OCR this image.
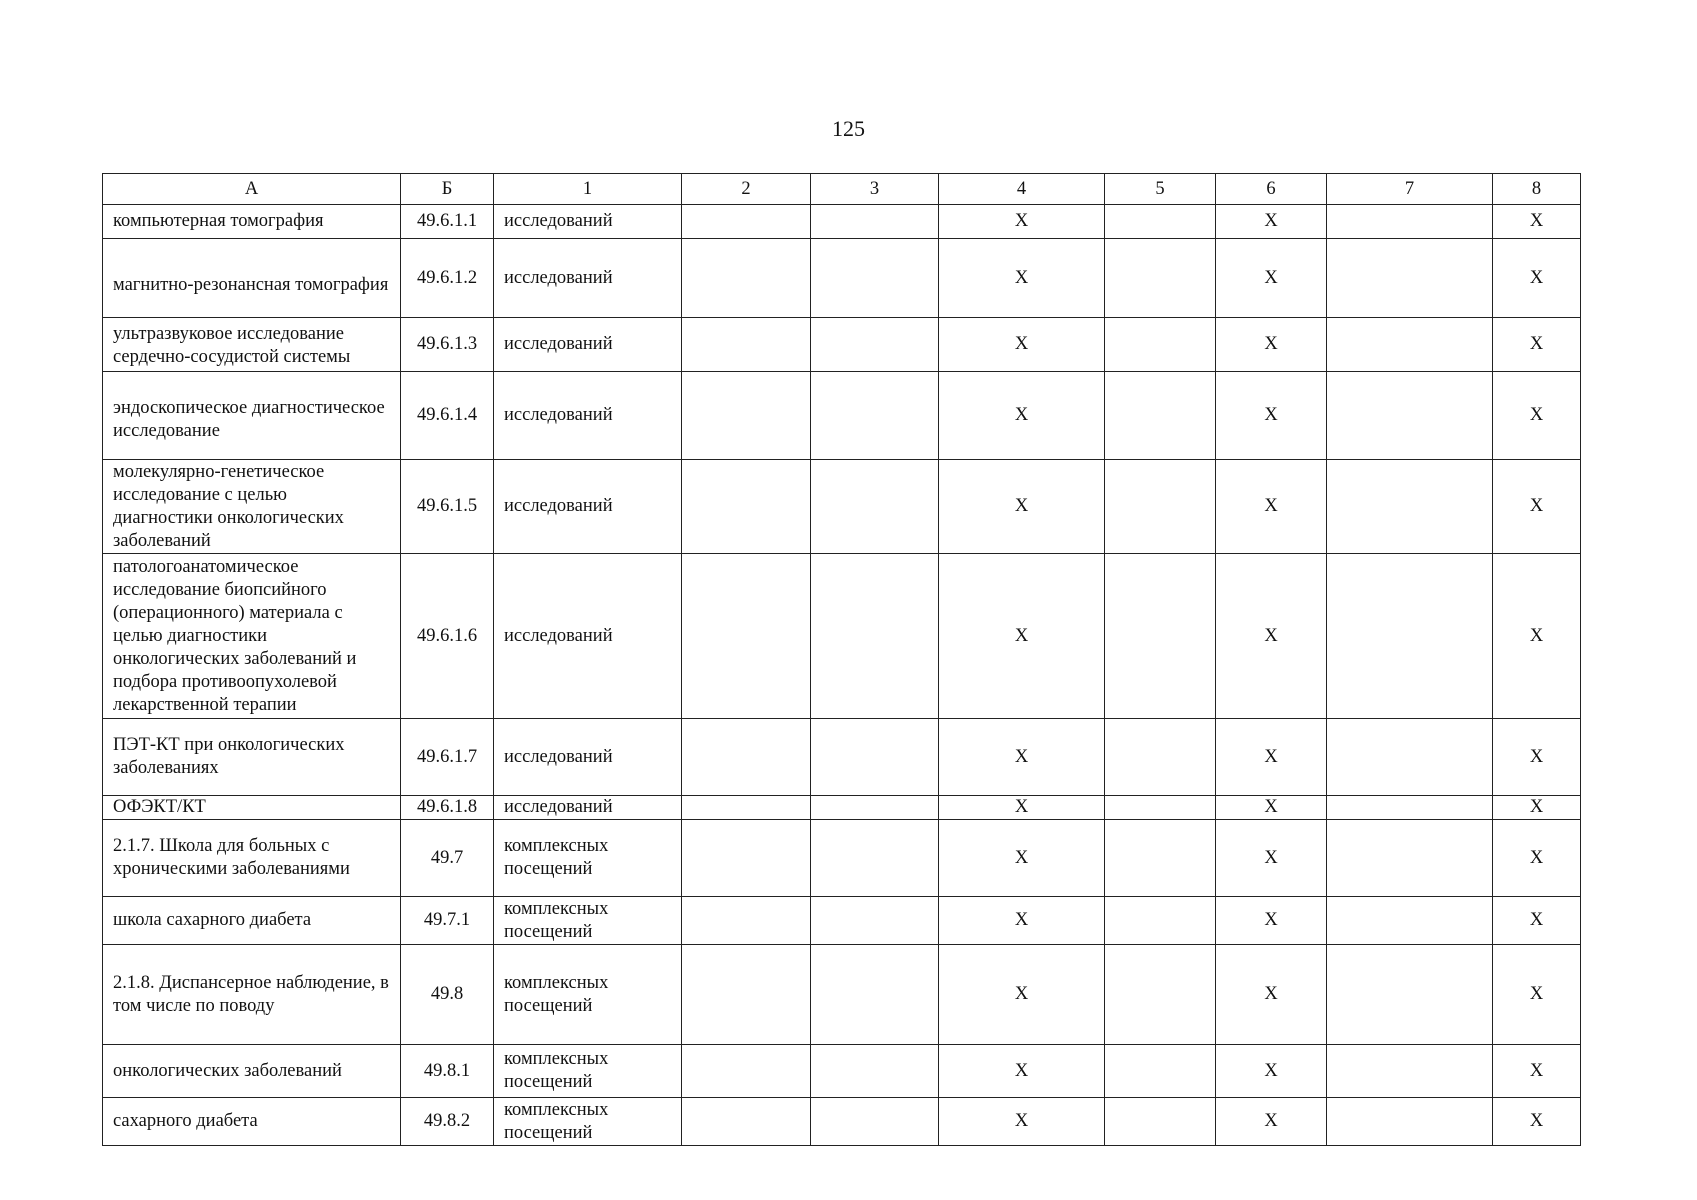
125
А	Б	1	2	3	4	5	6	7	8
компьютерная томография	49.6.1.1	исследований			X		X		X
магнитно-резонансная томография	49.6.1.2	исследований			X		X		X
ультразвуковое исследование сердечно-сосудистой системы	49.6.1.3	исследований			X		X		X
эндоскопическое диагностическое исследование	49.6.1.4	исследований			X		X		X
молекулярно-генетическое исследование с целью диагностики онкологических заболеваний	49.6.1.5	исследований			X		X		X
патологоанатомическое исследование биопсийного (операционного) материала с целью диагностики онкологических заболеваний и подбора противоопухолевой лекарственной терапии	49.6.1.6	исследований			X		X		X
ПЭТ-КТ при онкологических заболеваниях	49.6.1.7	исследований			X		X		X
ОФЭКТ/КТ	49.6.1.8	исследований			X		X		X
2.1.7. Школа для больных с хроническими заболеваниями	49.7	комплексных посещений			X		X		X
школа сахарного диабета	49.7.1	комплексных посещений			X		X		X
2.1.8. Диспансерное наблюдение, в том числе по поводу	49.8	комплексных посещений			X		X		X
онкологических заболеваний	49.8.1	комплексных посещений			X		X		X
сахарного диабета	49.8.2	комплексных посещений			X		X		X
